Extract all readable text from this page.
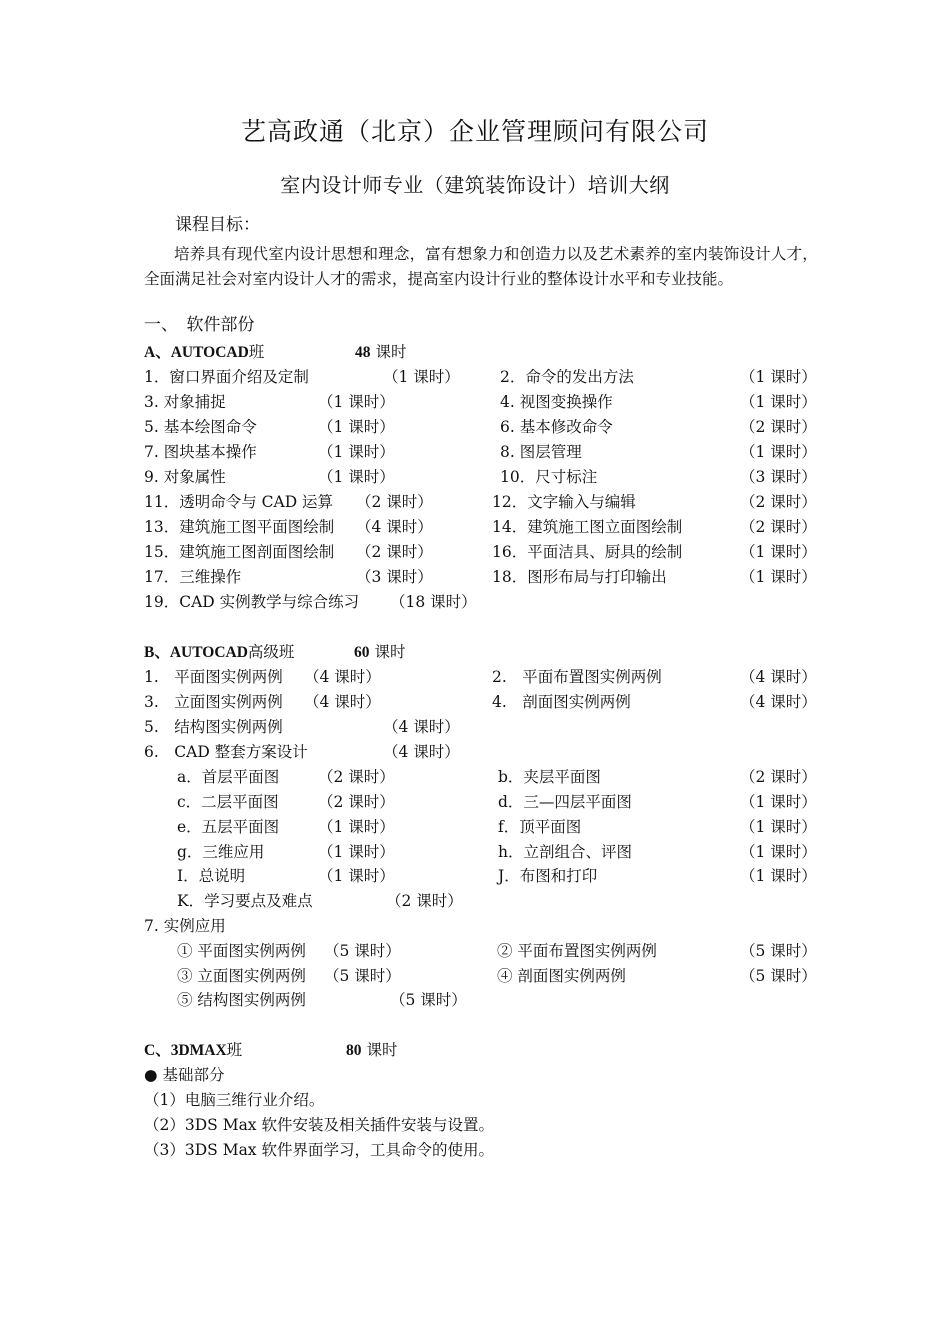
艺高政通（北京）企业管理顾问有限公司
室内设计师专业（建筑装饰设计）培训大纲
课程目标：
培养具有现代室内设计思想和理念，富有想象力和创造力以及艺术素养的室内装饰设计人才，　全面满足社会对室内设计人才的需求，提高室内设计行业的整体设计水平和专业技能。
一、　软件部份
A、AUTOCAD班	48 课时
1．窗口界面介绍及定制	（1 课时）	2．命令的发出方法	（1 课时）
3. 对象捕捉	（1 课时）	4. 视图变换操作	（1 课时）
5. 基本绘图命令	（1 课时）	6. 基本修改命令	（2 课时）
7. 图块基本操作	（1 课时）	8. 图层管理	（1 课时）
9. 对象属性	（1 课时）	10．尺寸标注	（3 课时）
11．透明命令与 CAD 运算 （2 课时）	12．文字输入与编辑	（2 课时）
13．建筑施工图平面图绘制 （4 课时）	14．建筑施工图立面图绘制	（2 课时）
15．建筑施工图剖面图绘制 （2 课时）	16．平面洁具、厨具的绘制	（1 课时）
17．三维操作	（3 课时）	18．图形布局与打印输出	（1 课时）
19．CAD 实例教学与综合练习 （18 课时）
B、AUTOCAD高级班	60 课时
1.　平面图实例两例 （4 课时）	2.　平面布置图实例两例	（4 课时）
3.　立面图实例两例 （4 课时）	4.　剖面图实例两例	（4 课时）
5.　结构图实例两例	（4 课时）
6.　CAD 整套方案设计	（4 课时）
a．首层平面图	（2 课时）	b．夹层平面图	（2 课时）
c．二层平面图	（2 课时）	d．三—四层平面图	（1 课时）
e．五层平面图	（1 课时）	f．顶平面图	（1 课时）
g．三维应用	（1 课时）	h．立剖组合、评图	（1 课时）
I．总说明	（1 课时）	J．布图和打印	（1 课时）
K．学习要点及难点	（2 课时）
7. 实例应用
① 平面图实例两例 （5 课时）	② 平面布置图实例两例	（5 课时）
③ 立面图实例两例 （5 课时）	④ 剖面图实例两例	（5 课时）
⑤ 结构图实例两例	（5 课时）
C、3DMAX班	80 课时
● 基础部分
（1）电脑三维行业介绍。
（2）3DS Max 软件安装及相关插件安装与设置。
（3）3DS Max 软件界面学习，工具命令的使用。
